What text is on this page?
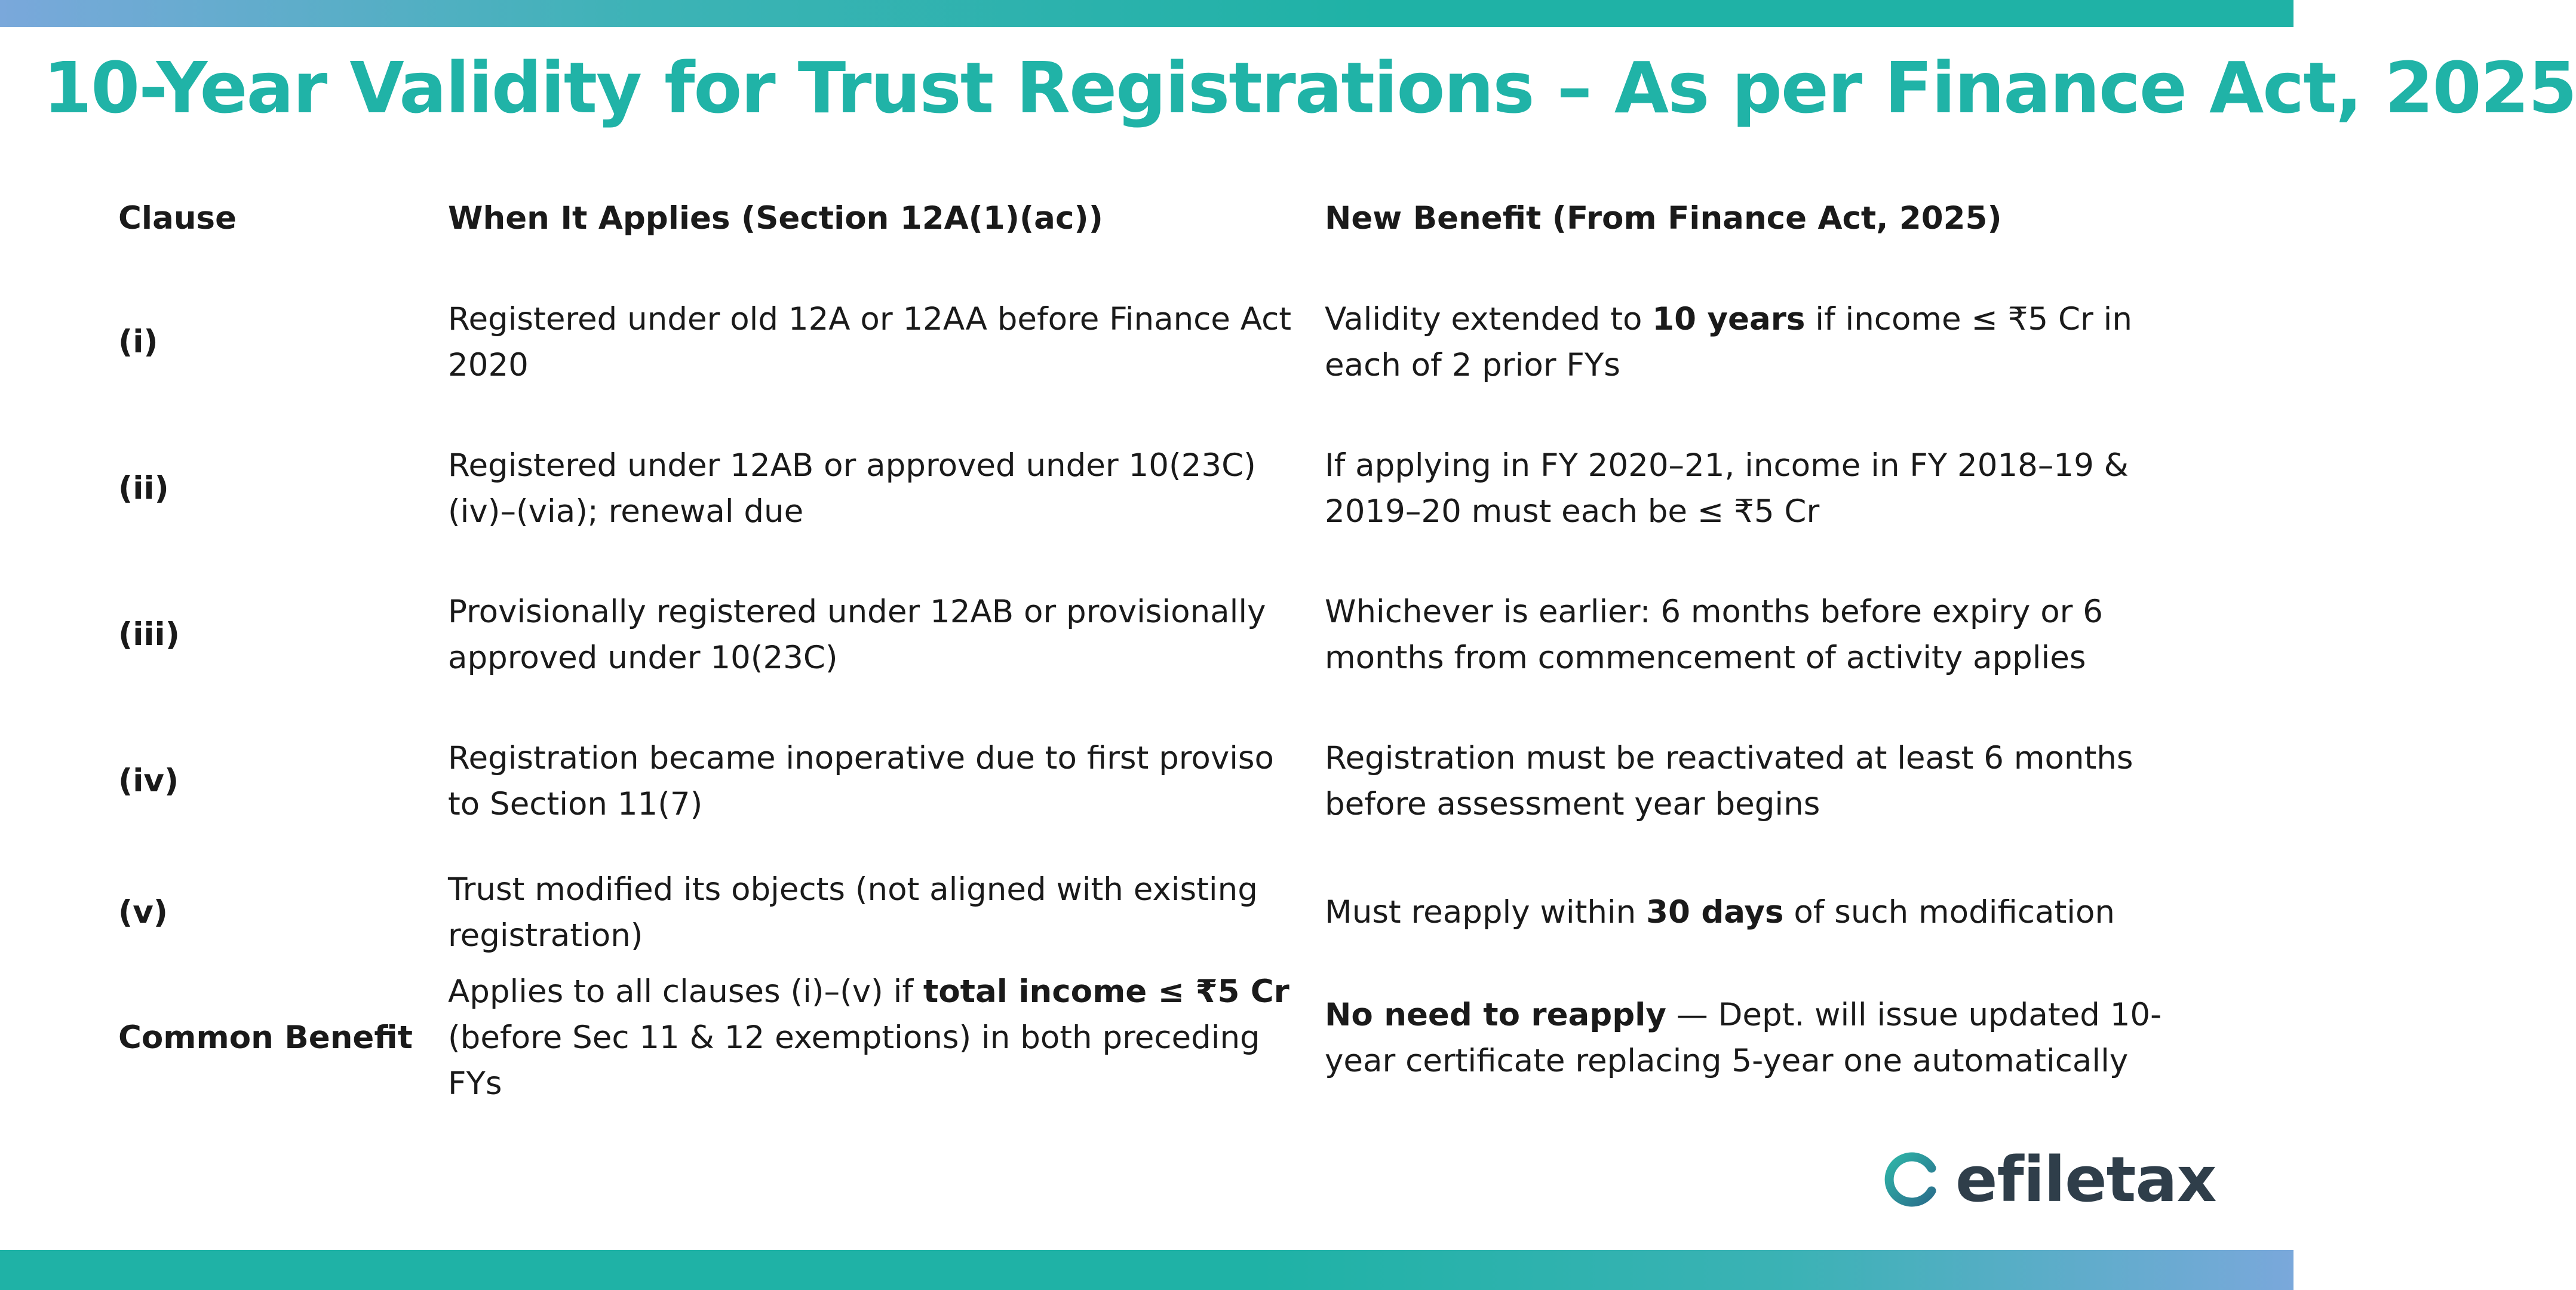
10-Year Validity for Trust Registrations – As per Finance Act, 2025
Clause	When It Applies (Section 12A(1)(ac))	New Benefit (From Finance Act, 2025)
(i)
Registered under old 12A or 12AA before Finance Act 2020
Validity extended to 10 years if income ≤ ₹5 Cr in each of 2 prior FYs
(ii)
Registered under 12AB or approved under 10(23C)(iv)–(via); renewal due
If applying in FY 2020–21, income in FY 2018–19 & 2019–20 must each be ≤ ₹5 Cr
(iii)
Provisionally registered under 12AB or provisionally approved under 10(23C)
Whichever is earlier: 6 months before expiry or 6 months from commencement of activity applies
(iv)
Registration became inoperative due to first proviso to Section 11(7)
Registration must be reactivated at least 6 months before assessment year begins
(v)
Trust modified its objects (not aligned with existing registration)
Must reapply within 30 days of such modification
Common Benefit
Applies to all clauses (i)–(v) if total income ≤ ₹5 Cr (before Sec 11 & 12 exemptions) in both preceding FYs
No need to reapply — Dept. will issue updated 10-year certificate replacing 5-year one automatically
efiletax
